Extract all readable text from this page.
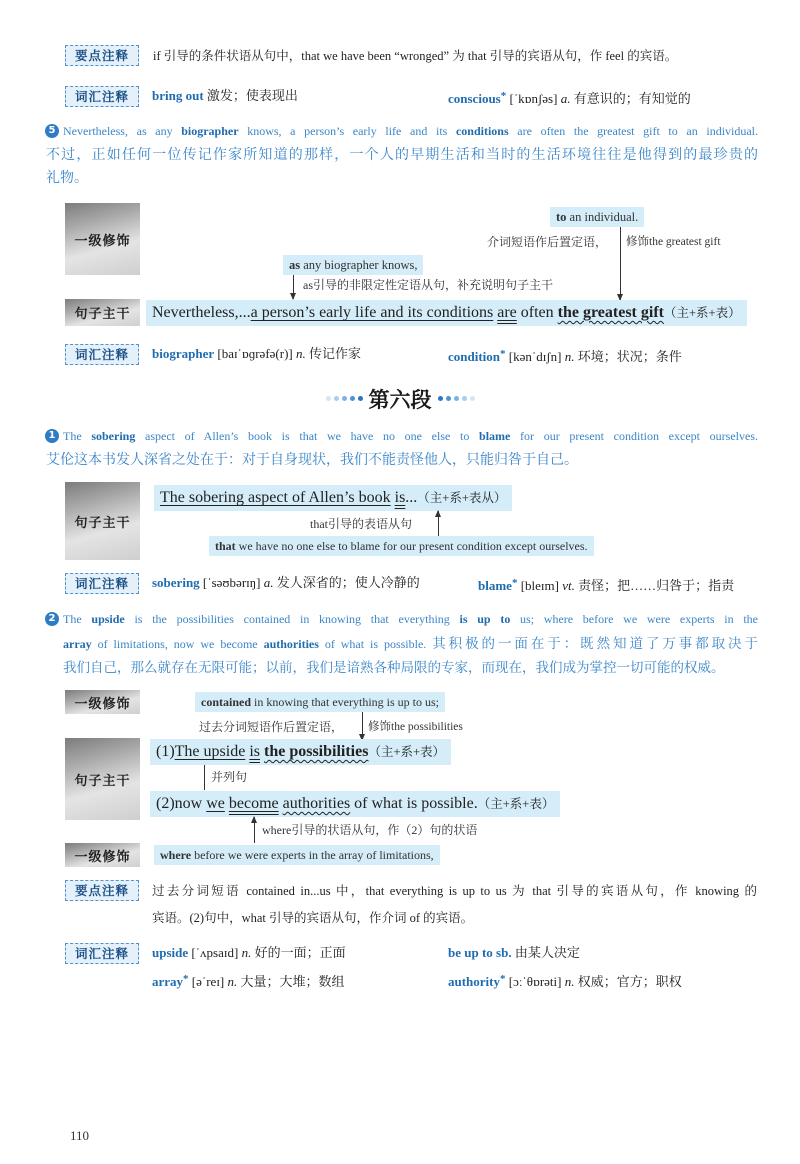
要点注释	if 引导的条件状语从句中，that we have been “wronged” 为 that 引导的宾语从句，作 feel 的宾语。
词汇注释	bring out 激发；使表现出	conscious* [ˈkɒnʃəs] a. 有意识的；有知觉的
5 Nevertheless, as any biographer knows, a person’s early life and its conditions are often the greatest gift to an individual.
不过，正如任何一位传记作家所知道的那样，一个人的早期生活和当时的生活环境往往是他得到的最珍贵的
礼物。
一级修饰
to an individual.
介词短语作后置定语， 修饰the greatest gift
as any biographer knows,
as引导的非限定性定语从句，补充说明句子主干
句子主干	Nevertheless,...a person’s early life and its conditions are often the greatest gift（主+系+表）
词汇注释	biographer [baɪˈɒɡrəfə(r)] n. 传记作家	condition* [kənˈdɪʃn] n. 环境；状况；条件
第六段
1 The sobering aspect of Allen’s book is that we have no one else to blame for our present condition except ourselves.
艾伦这本书发人深省之处在于：对于自身现状，我们不能责怪他人，只能归咎于自己。
句子主干
The sobering aspect of Allen’s book is...（主+系+表从）
that引导的表语从句
that we have no one else to blame for our present condition except ourselves.
词汇注释	sobering [ˈsəʊbərɪŋ] a. 发人深省的；使人冷静的	blame* [bleɪm] vt. 责怪；把……归咎于；指责
2 The upside is the possibilities contained in knowing that everything is up to us; where before we were experts in the
array of limitations, now we become authorities of what is possible. 其积极的一面在于：既然知道了万事都取决于
我们自己，那么就存在无限可能；以前，我们是谙熟各种局限的专家，而现在，我们成为掌控一切可能的权威。
一级修饰	contained in knowing that everything is up to us;
过去分词短语作后置定语， 修饰the possibilities
句子主干
(1)The upside is the possibilities（主+系+表）
并列句
(2)now we become authorities of what is possible.（主+系+表）
where引导的状语从句，作（2）句的状语
一级修饰	where before we were experts in the array of limitations,
要点注释	过去分词短语 contained in...us 中，that everything is up to us 为 that 引导的宾语从句，作 knowing 的
宾语。(2)句中，what 引导的宾语从句，作介词 of 的宾语。
词汇注释	upside [ˈʌpsaɪd] n. 好的一面；正面	be up to sb. 由某人决定
array* [əˈreɪ] n. 大量；大堆；数组	authority* [ɔːˈθɒrəti] n. 权威；官方；职权
110
